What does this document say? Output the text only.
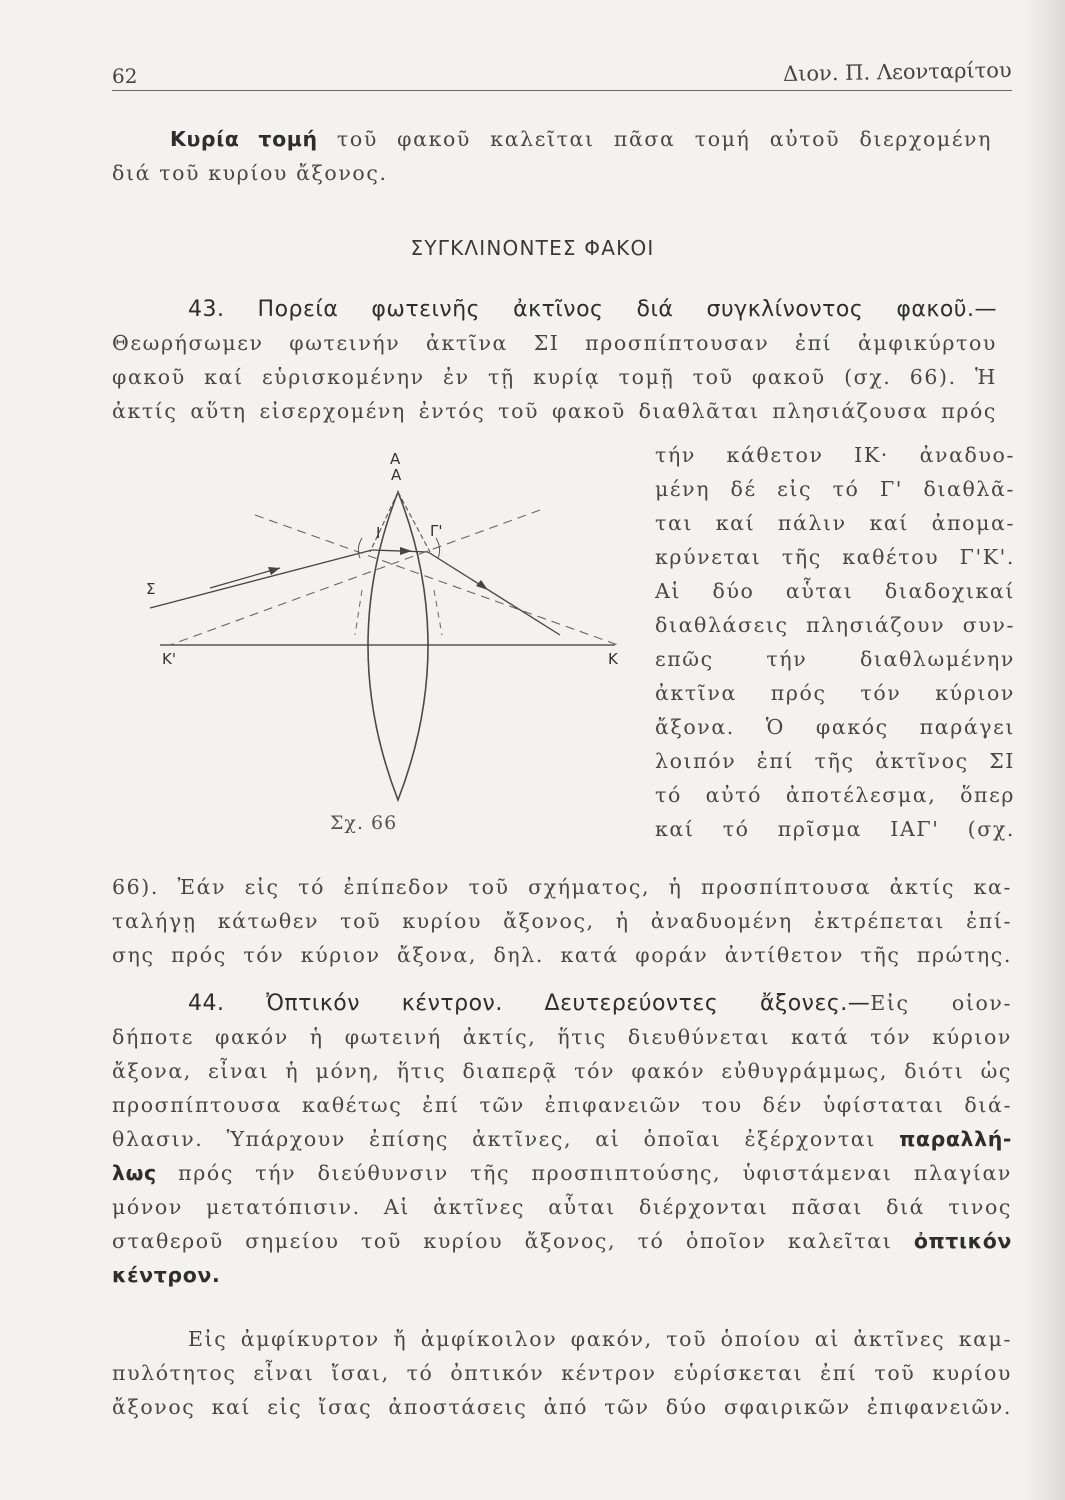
62	Διον. Π. Λεονταρίτου
Κυρία τομή τοῦ φακοῦ καλεῖται πᾶσα τομή αὐτοῦ διερχομένη
διά τοῦ κυρίου ἄξονος.
ΣΥΓΚΛΙΝΟΝΤΕΣ ΦΑΚΟΙ
43. Πορεία φωτεινῆς ἀκτῖνος διά συγκλίνοντος φακοῦ.—
Θεωρήσωμεν φωτεινήν ἀκτῖνα ΣΙ προσπίπτουσαν ἐπί ἀμφικύρτου
φακοῦ καί εὑρισκομένην ἐν τῇ κυρίᾳ τομῇ τοῦ φακοῦ (σχ. 66). Ἡ
ἀκτίς αὕτη εἰσερχομένη ἐντός τοῦ φακοῦ διαθλᾶται πλησιάζουσα πρός
Α
Α
Ι	Γ'
Σ
Κ'	Κ
Σχ. 66
τήν κάθετον ΙΚ· ἀναδυο-
μένη δέ εἰς τό Γ' διαθλᾶ-
ται καί πάλιν καί ἀπομα-
κρύνεται τῆς καθέτου Γ'Κ'.
Αἱ δύο αὗται διαδοχικαί
διαθλάσεις πλησιάζουν συν-
επῶς τήν διαθλωμένην
ἀκτῖνα πρός τόν κύριον
ἄξονα. Ὁ φακός παράγει
λοιπόν ἐπί τῆς ἀκτῖνος ΣΙ
τό αὐτό ἀποτέλεσμα, ὅπερ
καί τό πρῖσμα ΙΑΓ' (σχ.
66). Ἐάν εἰς τό ἐπίπεδον τοῦ σχήματος, ἡ προσπίπτουσα ἀκτίς κα-
ταλήγῃ κάτωθεν τοῦ κυρίου ἄξονος, ἡ ἀναδυομένη ἐκτρέπεται ἐπί-
σης πρός τόν κύριον ἄξονα, δηλ. κατά φοράν ἀντίθετον τῆς πρώτης.
44. Ὀπτικόν κέντρον. Δευτερεύοντες ἄξονες.—Εἰς οἱον-
δήποτε φακόν ἡ φωτεινή ἀκτίς, ἥτις διευθύνεται κατά τόν κύριον
ἄξονα, εἶναι ἡ μόνη, ἥτις διαπερᾷ τόν φακόν εὐθυγράμμως, διότι ὡς
προσπίπτουσα καθέτως ἐπί τῶν ἐπιφανειῶν του δέν ὑφίσταται διά-
θλασιν. Ὑπάρχουν ἐπίσης ἀκτῖνες, αἱ ὁποῖαι ἐξέρχονται παραλλή-
λως πρός τήν διεύθυνσιν τῆς προσπιπτούσης, ὑφιστάμεναι πλαγίαν
μόνον μετατόπισιν. Αἱ ἀκτῖνες αὗται διέρχονται πᾶσαι διά τινος
σταθεροῦ σημείου τοῦ κυρίου ἄξονος, τό ὁποῖον καλεῖται ὀπτικόν
κέντρον.
Εἰς ἀμφίκυρτον ἤ ἀμφίκοιλον φακόν, τοῦ ὁποίου αἱ ἀκτῖνες καμ-
πυλότητος εἶναι ἴσαι, τό ὀπτικόν κέντρον εὑρίσκεται ἐπί τοῦ κυρίου
ἄξονος καί εἰς ἴσας ἀποστάσεις ἀπό τῶν δύο σφαιρικῶν ἐπιφανειῶν.
